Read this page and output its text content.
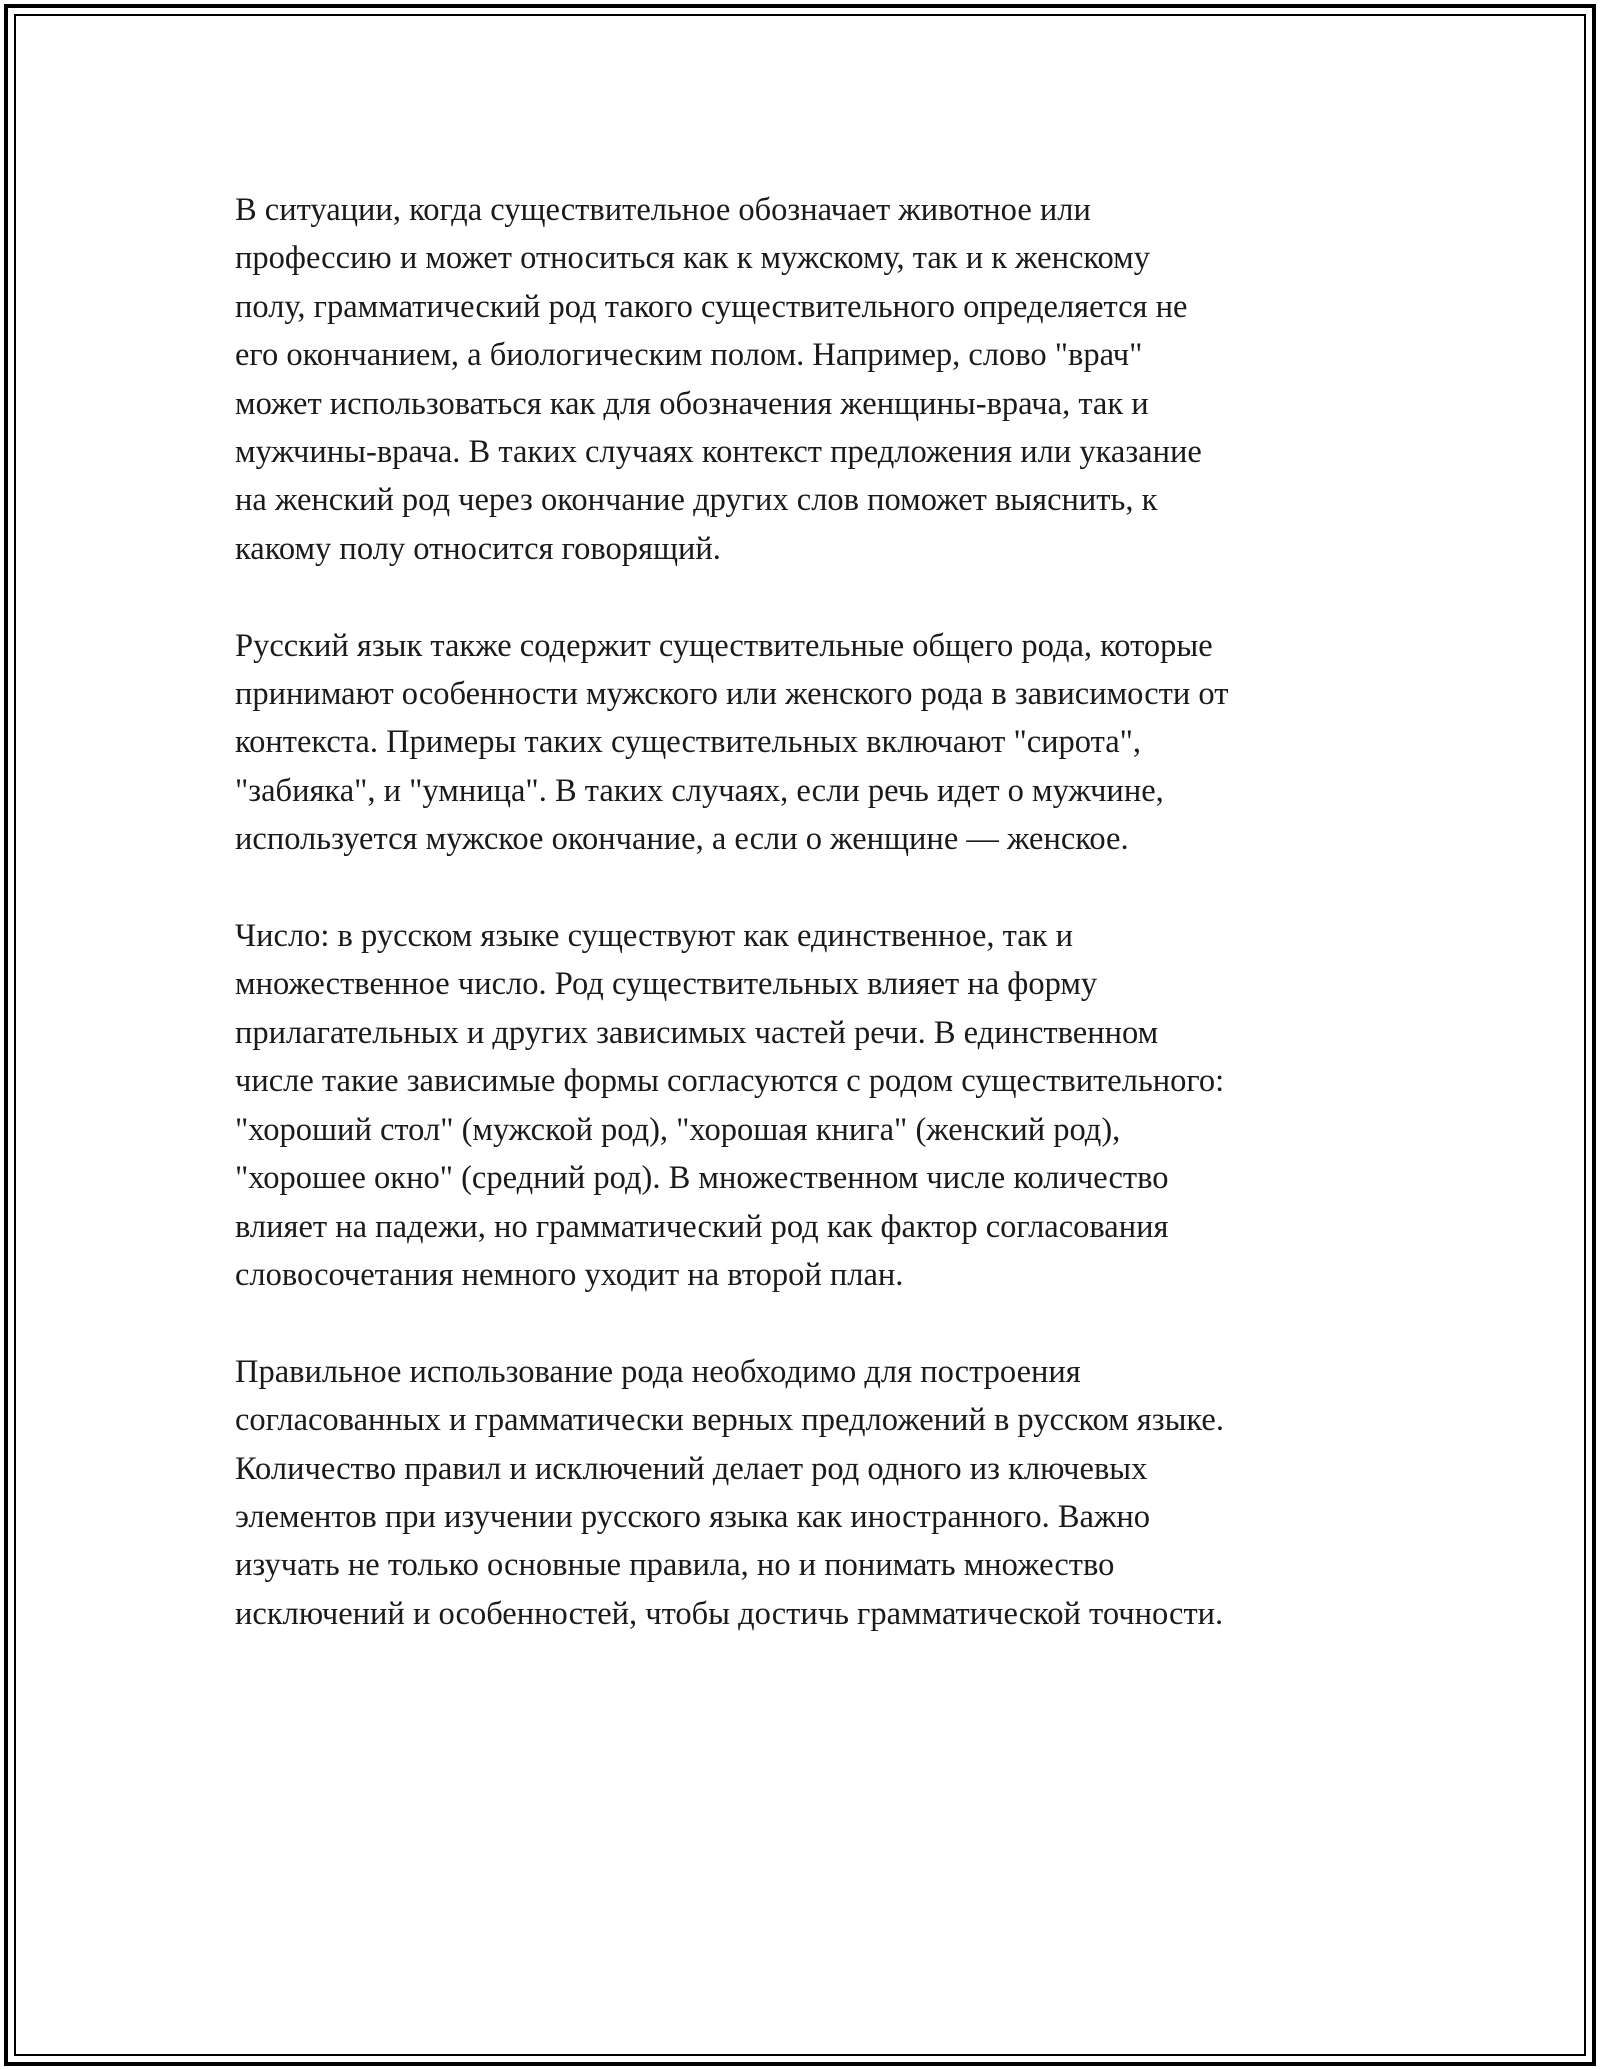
В ситуации, когда существительное обозначает животное или
профессию и может относиться как к мужскому, так и к женскому
полу, грамматический род такого существительного определяется не
его окончанием, а биологическим полом. Например, слово "врач"
может использоваться как для обозначения женщины-врача, так и
мужчины-врача. В таких случаях контекст предложения или указание
на женский род через окончание других слов поможет выяснить, к
какому полу относится говорящий.

Русский язык также содержит существительные общего рода, которые
принимают особенности мужского или женского рода в зависимости от
контекста. Примеры таких существительных включают "сирота",
"забияка", и "умница". В таких случаях, если речь идет о мужчине,
используется мужское окончание, а если о женщине — женское.

Число: в русском языке существуют как единственное, так и
множественное число. Род существительных влияет на форму
прилагательных и других зависимых частей речи. В единственном
числе такие зависимые формы согласуются с родом существительного:
"хороший стол" (мужской род), "хорошая книга" (женский род),
"хорошее окно" (средний род). В множественном числе количество
влияет на падежи, но грамматический род как фактор согласования
словосочетания немного уходит на второй план.

Правильное использование рода необходимо для построения
согласованных и грамматически верных предложений в русском языке.
Количество правил и исключений делает род одного из ключевых
элементов при изучении русского языка как иностранного. Важно
изучать не только основные правила, но и понимать множество
исключений и особенностей, чтобы достичь грамматической точности.
